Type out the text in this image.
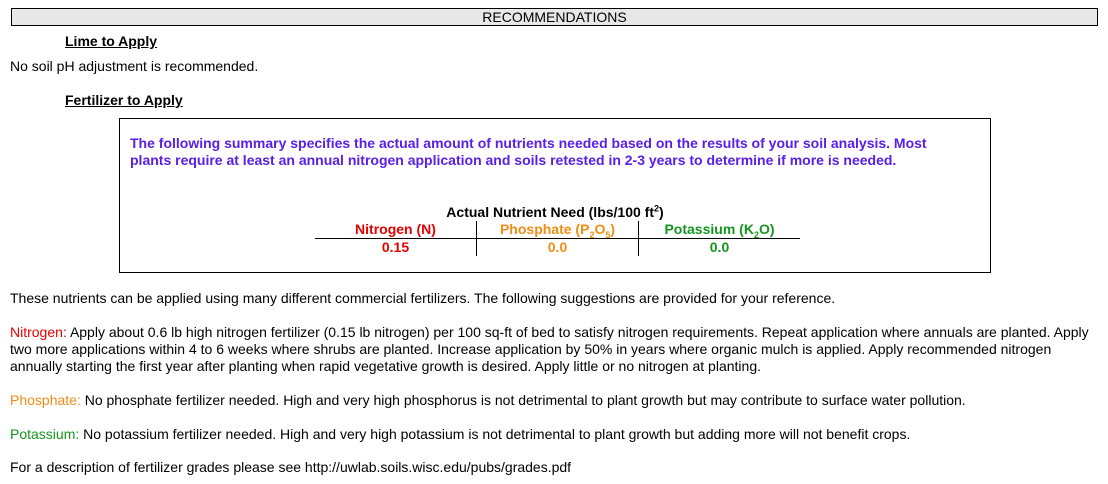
RECOMMENDATIONS
Lime to Apply
No soil pH adjustment is recommended.
Fertilizer to Apply
The following summary specifies the actual amount of nutrients needed based on the results of your soil analysis. Most plants require at least an annual nitrogen application and soils retested in 2-3 years to determine if more is needed.
Actual Nutrient Need (lbs/100 $ft^2$)
Nitrogen (N)	Phosphate $(P_2O_5)$	Potassium $(K_2O)$
0.15	0.0	0.0
These nutrients can be applied using many different commercial fertilizers. The following suggestions are provided for your reference.
Nitrogen: Apply about 0.6 lb high nitrogen fertilizer (0.15 lb nitrogen) per 100 sq-ft of bed to satisfy nitrogen requirements. Repeat application where annuals are planted. Apply two more applications within 4 to 6 weeks where shrubs are planted. Increase application by 50% in years where organic mulch is applied. Apply recommended nitrogen annually starting the first year after planting when rapid vegetative growth is desired. Apply little or no nitrogen at planting.
Phosphate: No phosphate fertilizer needed. High and very high phosphorus is not detrimental to plant growth but may contribute to surface water pollution.
Potassium: No potassium fertilizer needed. High and very high potassium is not detrimental to plant growth but adding more will not benefit crops.
For a description of fertilizer grades please see http://uwlab.soils.wisc.edu/pubs/grades.pdf
